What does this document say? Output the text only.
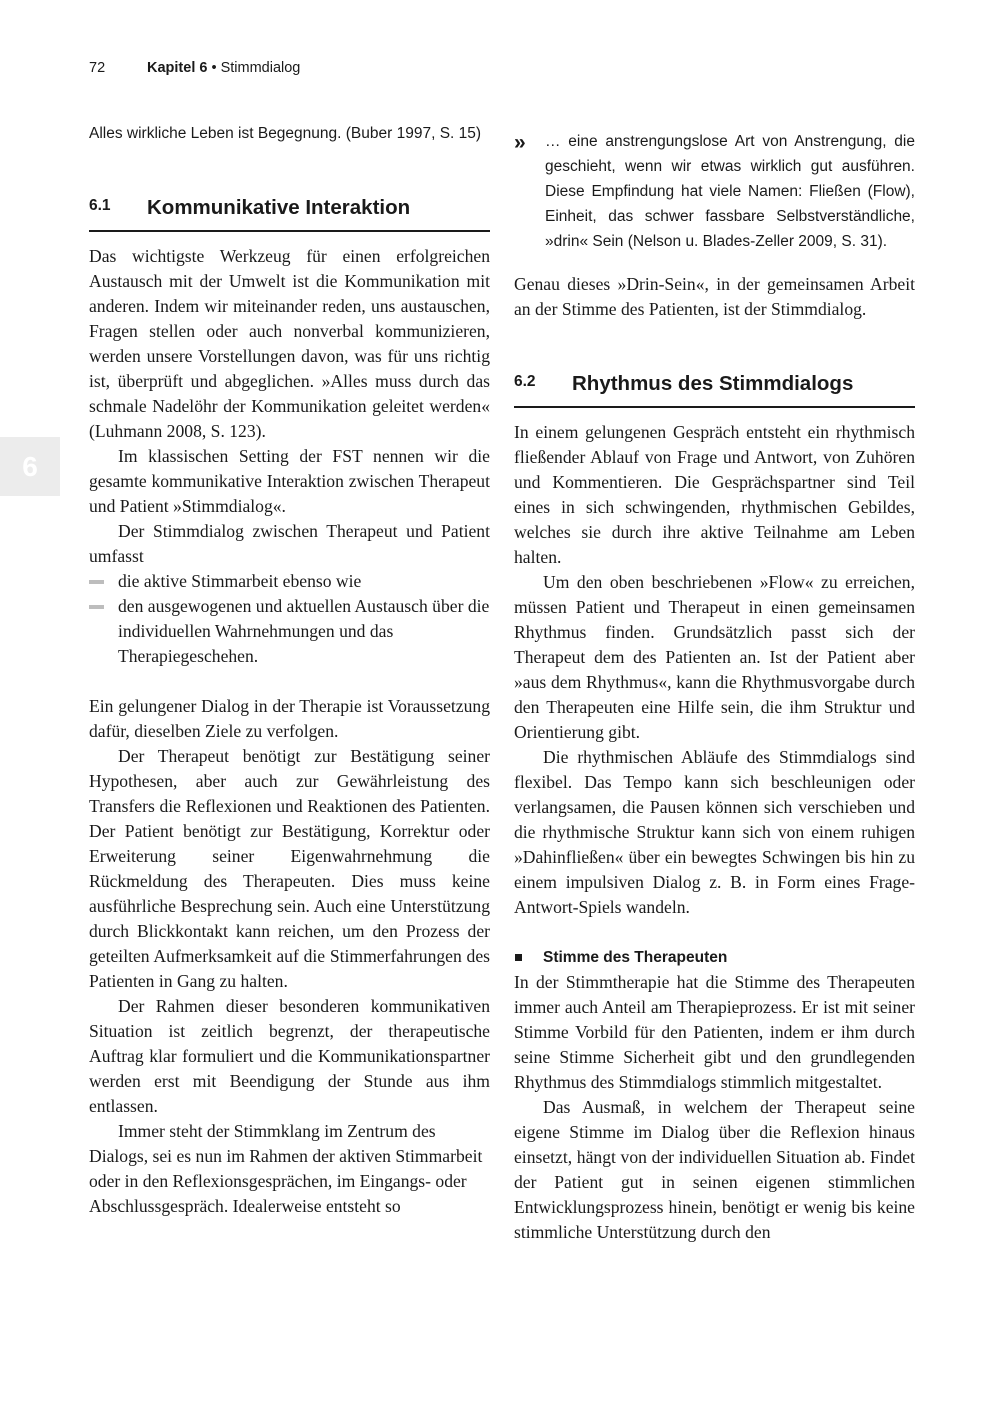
72	Kapitel 6 • Stimmdialog
6

Alles wirkliche Leben ist Begegnung. (Buber 1997, S. 15)

6.1 Kommunikative Interaktion

Das wichtigste Werkzeug für einen erfolgreichen Austausch mit der Umwelt ist die Kommunikation mit anderen. Indem wir miteinander reden, uns austauschen, Fragen stellen oder auch nonverbal kommunizieren, werden unsere Vorstellungen davon, was für uns richtig ist, überprüft und abgeglichen. »Alles muss durch das schmale Nadelöhr der Kommunikation geleitet werden« (Luhmann 2008, S. 123).

Im klassischen Setting der FST nennen wir die gesamte kommunikative Interaktion zwischen Therapeut und Patient »Stimmdialog«.

Der Stimmdialog zwischen Therapeut und Patient umfasst

die aktive Stimmarbeit ebenso wie
den ausgewogenen und aktuellen Austausch über die individuellen Wahrnehmungen und das Therapiegeschehen.

Ein gelungener Dialog in der Therapie ist Voraussetzung dafür, dieselben Ziele zu verfolgen.

Der Therapeut benötigt zur Bestätigung seiner Hypothesen, aber auch zur Gewährleistung des Transfers die Reflexionen und Reaktionen des Patienten. Der Patient benötigt zur Bestätigung, Korrektur oder Erweiterung seiner Eigenwahrnehmung die Rückmeldung des Therapeuten. Dies muss keine ausführliche Besprechung sein. Auch eine Unterstützung durch Blickkontakt kann reichen, um den Prozess der geteilten Aufmerksamkeit auf die Stimmerfahrungen des Patienten in Gang zu halten.

Der Rahmen dieser besonderen kommunikativen Situation ist zeitlich begrenzt, der therapeutische Auftrag klar formuliert und die Kommunikationspartner werden erst mit Beendigung der Stunde aus ihm entlassen.

Immer steht der Stimmklang im Zentrum des Dialogs, sei es nun im Rahmen der aktiven Stimmarbeit oder in den Reflexionsgesprächen, im Eingangs- oder Abschlussgespräch. Idealerweise entsteht so

» … eine anstrengungslose Art von Anstrengung, die geschieht, wenn wir etwas wirklich gut ausführen. Diese Empfindung hat viele Namen: Fließen (Flow), Einheit, das schwer fassbare Selbstverständliche, »drin« Sein (Nelson u. Blades-Zeller 2009, S. 31).

Genau dieses »Drin-Sein«, in der gemeinsamen Arbeit an der Stimme des Patienten, ist der Stimmdialog.

6.2 Rhythmus des Stimmdialogs

In einem gelungenen Gespräch entsteht ein rhythmisch fließender Ablauf von Frage und Antwort, von Zuhören und Kommentieren. Die Gesprächspartner sind Teil eines in sich schwingenden, rhythmischen Gebildes, welches sie durch ihre aktive Teilnahme am Leben halten.

Um den oben beschriebenen »Flow« zu erreichen, müssen Patient und Therapeut in einen gemeinsamen Rhythmus finden. Grundsätzlich passt sich der Therapeut dem des Patienten an. Ist der Patient aber »aus dem Rhythmus«, kann die Rhythmusvorgabe durch den Therapeuten eine Hilfe sein, die ihm Struktur und Orientierung gibt.

Die rhythmischen Abläufe des Stimmdialogs sind flexibel. Das Tempo kann sich beschleunigen oder verlangsamen, die Pausen können sich verschieben und die rhythmische Struktur kann sich von einem ruhigen »Dahinfließen« über ein bewegtes Schwingen bis hin zu einem impulsiven Dialog z. B. in Form eines Frage-Antwort-Spiels wandeln.

Stimme des Therapeuten

In der Stimmtherapie hat die Stimme des Therapeuten immer auch Anteil am Therapieprozess. Er ist mit seiner Stimme Vorbild für den Patienten, indem er ihm durch seine Stimme Sicherheit gibt und den grundlegenden Rhythmus des Stimmdialogs stimmlich mitgestaltet.

Das Ausmaß, in welchem der Therapeut seine eigene Stimme im Dialog über die Reflexion hinaus einsetzt, hängt von der individuellen Situation ab. Findet der Patient gut in seinen eigenen stimmlichen Entwicklungsprozess hinein, benötigt er wenig bis keine stimmliche Unterstützung durch den
